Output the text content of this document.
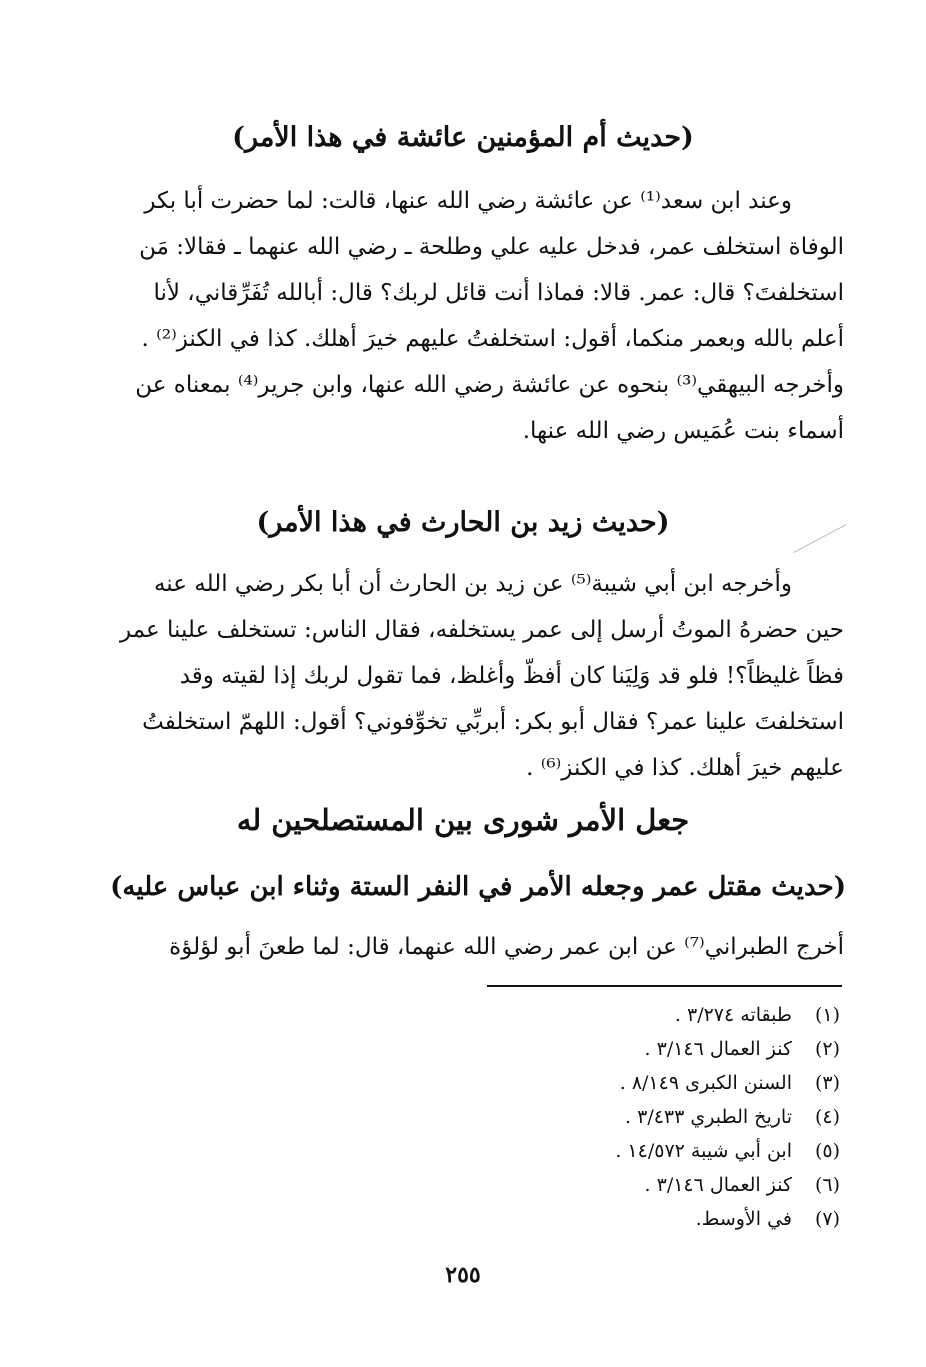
(حديث أم المؤمنين عائشة في هذا الأمر)

وعند ابن سعد⁽¹⁾ عن عائشة رضي الله عنها، قالت: لما حضرت أبا بكر

الوفاة استخلف عمر، فدخل عليه علي وطلحة ـ رضي الله عنهما ـ فقالا: مَن

استخلفتَ؟ قال: عمر. قالا: فماذا أنت قائل لربك؟ قال: أبالله تُفَرِّقاني، لأنا

أعلم بالله وبعمر منكما، أقول: استخلفتُ عليهم خيرَ أهلك. كذا في الكنز⁽²⁾ .

وأخرجه البيهقي⁽³⁾ بنحوه عن عائشة رضي الله عنها، وابن جرير⁽⁴⁾ بمعناه عن

أسماء بنت عُمَيس رضي الله عنها.

(حديث زيد بن الحارث في هذا الأمر)

وأخرجه ابن أبي شيبة⁽⁵⁾ عن زيد بن الحارث أن أبا بكر رضي الله عنه

حين حضرهُ الموتُ أرسل إلى عمر يستخلفه، فقال الناس: تستخلف علينا عمر

فظاً غليظاً؟! فلو قد وَلِيَنا كان أفظّ وأغلظ، فما تقول لربك إذا لقيته وقد

استخلفتَ علينا عمر؟ فقال أبو بكر: أبربِّي تخوِّفوني؟ أقول: اللهمّ استخلفتُ

عليهم خيرَ أهلك. كذا في الكنز⁽⁶⁾ .

جعل الأمر شورى بين المستصلحين له
(حديث مقتل عمر وجعله الأمر في النفر الستة وثناء ابن عباس عليه)

أخرج الطبراني⁽⁷⁾ عن ابن عمر رضي الله عنهما، قال: لما طعنَ أبو لؤلؤة

(١)
طبقاته ٣/٢٧٤ .
(٢)
كنز العمال ٣/١٤٦ .
(٣)
السنن الكبرى ٨/١٤٩ .
(٤)
تاريخ الطبري ٣/٤٣٣ .
(٥)
ابن أبي شيبة ١٤/٥٧٢ .
(٦)
كنز العمال ٣/١٤٦ .
(٧)
في الأوسط.
٢٥٥
